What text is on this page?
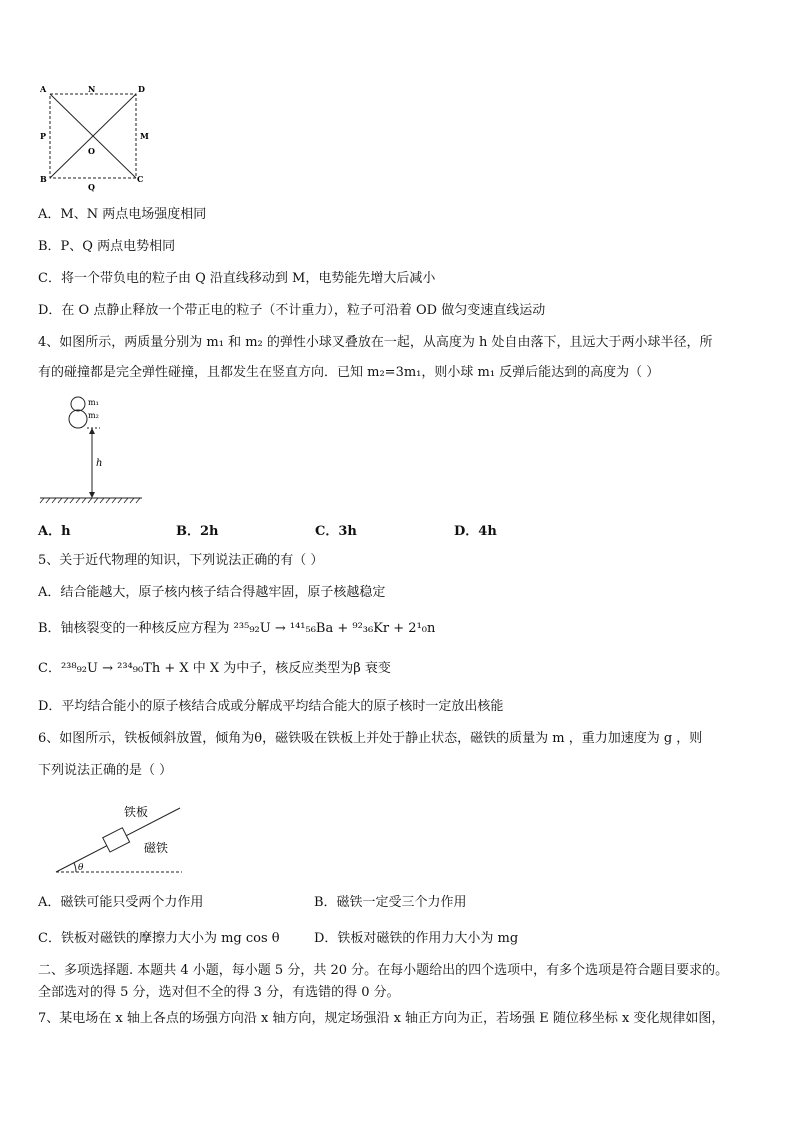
A	N	D
P	M
O
B
Q
C
A．M、N 两点电场强度相同
B．P、Q 两点电势相同
C．将一个带负电的粒子由 Q 沿直线移动到 M，电势能先增大后减小
D．在 O 点静止释放一个带正电的粒子（不计重力），粒子可沿着 OD 做匀变速直线运动
4、如图所示，两质量分别为 m₁ 和 m₂ 的弹性小球叉叠放在一起，从高度为 h 处自由落下，且远大于两小球半径，所
有的碰撞都是完全弹性碰撞，且都发生在竖直方向．已知 m₂=3m₁，则小球 m₁ 反弹后能达到的高度为（ ）
m₁
m₂
h
A．h	B．2h	C．3h	D．4h
5、关于近代物理的知识，下列说法正确的有（ ）
A．结合能越大，原子核内核子结合得越牢固，原子核越稳定
B．铀核裂变的一种核反应方程为 ²³⁵₉₂U → ¹⁴¹₅₆Ba + ⁹²₃₆Kr + 2¹₀n
C．²³⁸₉₂U → ²³⁴₉₀Th + X 中 X 为中子，核反应类型为β 衰变
D．平均结合能小的原子核结合成或分解成平均结合能大的原子核时一定放出核能
6、如图所示，铁板倾斜放置，倾角为θ，磁铁吸在铁板上并处于静止状态，磁铁的质量为 m ，重力加速度为 g ，则
下列说法正确的是（ ）
θ
铁板
磁铁
A．磁铁可能只受两个力作用	B．磁铁一定受三个力作用
C．铁板对磁铁的摩擦力大小为 mg cos θ	D．铁板对磁铁的作用力大小为 mg
二、多项选择题. 本题共 4 小题，每小题 5 分，共 20 分。在每小题给出的四个选项中，有多个选项是符合题目要求的。
全部选对的得 5 分，选对但不全的得 3 分，有选错的得 0 分。
7、某电场在 x 轴上各点的场强方向沿 x 轴方向，规定场强沿 x 轴正方向为正，若场强 E 随位移坐标 x 变化规律如图，
